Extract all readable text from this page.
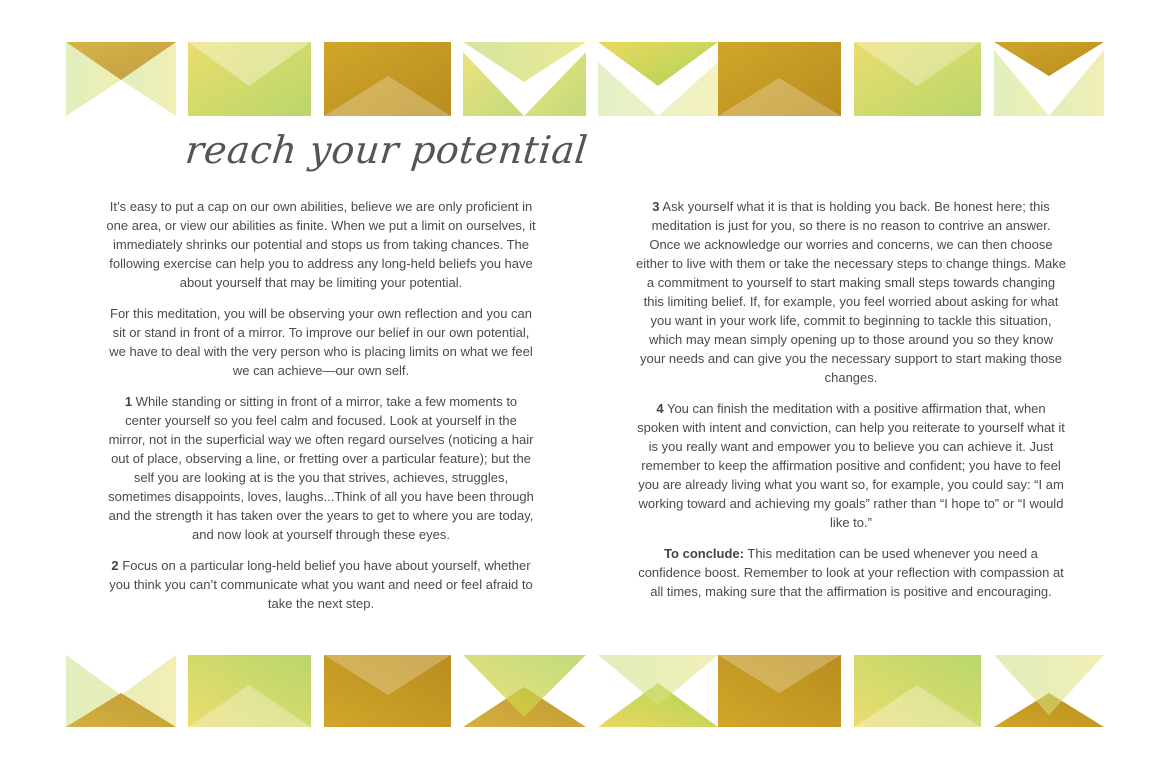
reach your potential

It’s easy to put a cap on our own abilities, believe we are only proficient in one area, or view our abilities as finite. When we put a limit on ourselves, it immediately shrinks our potential and stops us from taking chances. The following exercise can help you to address any long-held beliefs you have about yourself that may be limiting your potential.

For this meditation, you will be observing your own reflection and you can sit or stand in front of a mirror. To improve our belief in our own potential, we have to deal with the very person who is placing limits on what we feel we can achieve—our own self.

1 While standing or sitting in front of a mirror, take a few moments to center yourself so you feel calm and focused. Look at yourself in the mirror, not in the superficial way we often regard ourselves (noticing a hair out of place, observing a line, or fretting over a particular feature); but the self you are looking at is the you that strives, achieves, struggles, sometimes disappoints, loves, laughs...Think of all you have been through and the strength it has taken over the years to get to where you are today, and now look at yourself through these eyes.

2 Focus on a particular long-held belief you have about yourself, whether you think you can’t communicate what you want and need or feel afraid to take the next step.

3 Ask yourself what it is that is holding you back. Be honest here; this meditation is just for you, so there is no reason to contrive an answer. Once we acknowledge our worries and concerns, we can then choose either to live with them or take the necessary steps to change things. Make a commitment to yourself to start making small steps towards changing this limiting belief. If, for example, you feel worried about asking for what you want in your work life, commit to beginning to tackle this situation, which may mean simply opening up to those around you so they know your needs and can give you the necessary support to start making those changes.

4 You can finish the meditation with a positive affirmation that, when spoken with intent and conviction, can help you reiterate to yourself what it is you really want and empower you to believe you can achieve it. Just remember to keep the affirmation positive and confident; you have to feel you are already living what you want so, for example, you could say: “I am working toward and achieving my goals” rather than “I hope to” or “I would like to.”

To conclude: This meditation can be used whenever you need a confidence boost. Remember to look at your reflection with compassion at all times, making sure that the affirmation is positive and encouraging.
